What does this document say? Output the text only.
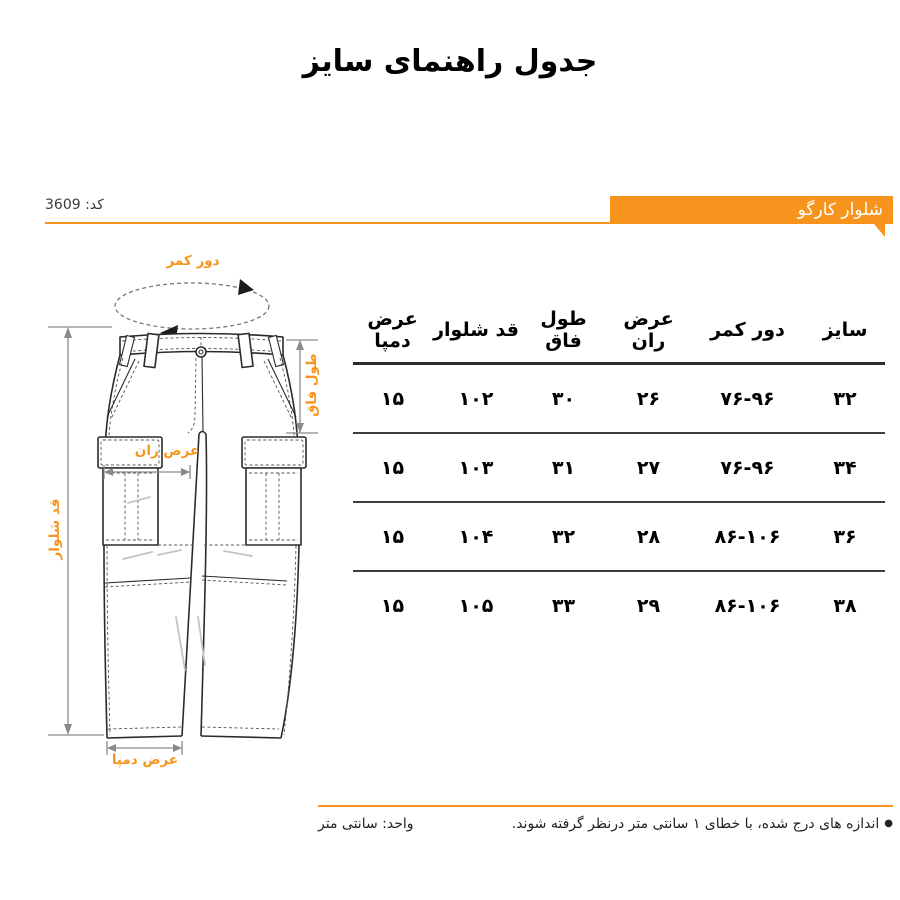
جدول راهنمای سایز
شلوار کارگو
کد: 3609
دور کمر
طول فاق
عرض ران
قد شلوار
عرض دمپا
سایز	دور کمر	عرض ران	طول فاق	قد شلوار	عرض دمپا
۳۲	۷۶-۹۶	۲۶	۳۰	۱۰۲	۱۵
۳۴	۷۶-۹۶	۲۷	۳۱	۱۰۳	۱۵
۳۶	۸۶-۱۰۶	۲۸	۳۲	۱۰۴	۱۵
۳۸	۸۶-۱۰۶	۲۹	۳۳	۱۰۵	۱۵
●اندازه های درج شده، با خطای ۱ سانتی متر درنظر گرفته شوند.
واحد: سانتی متر
